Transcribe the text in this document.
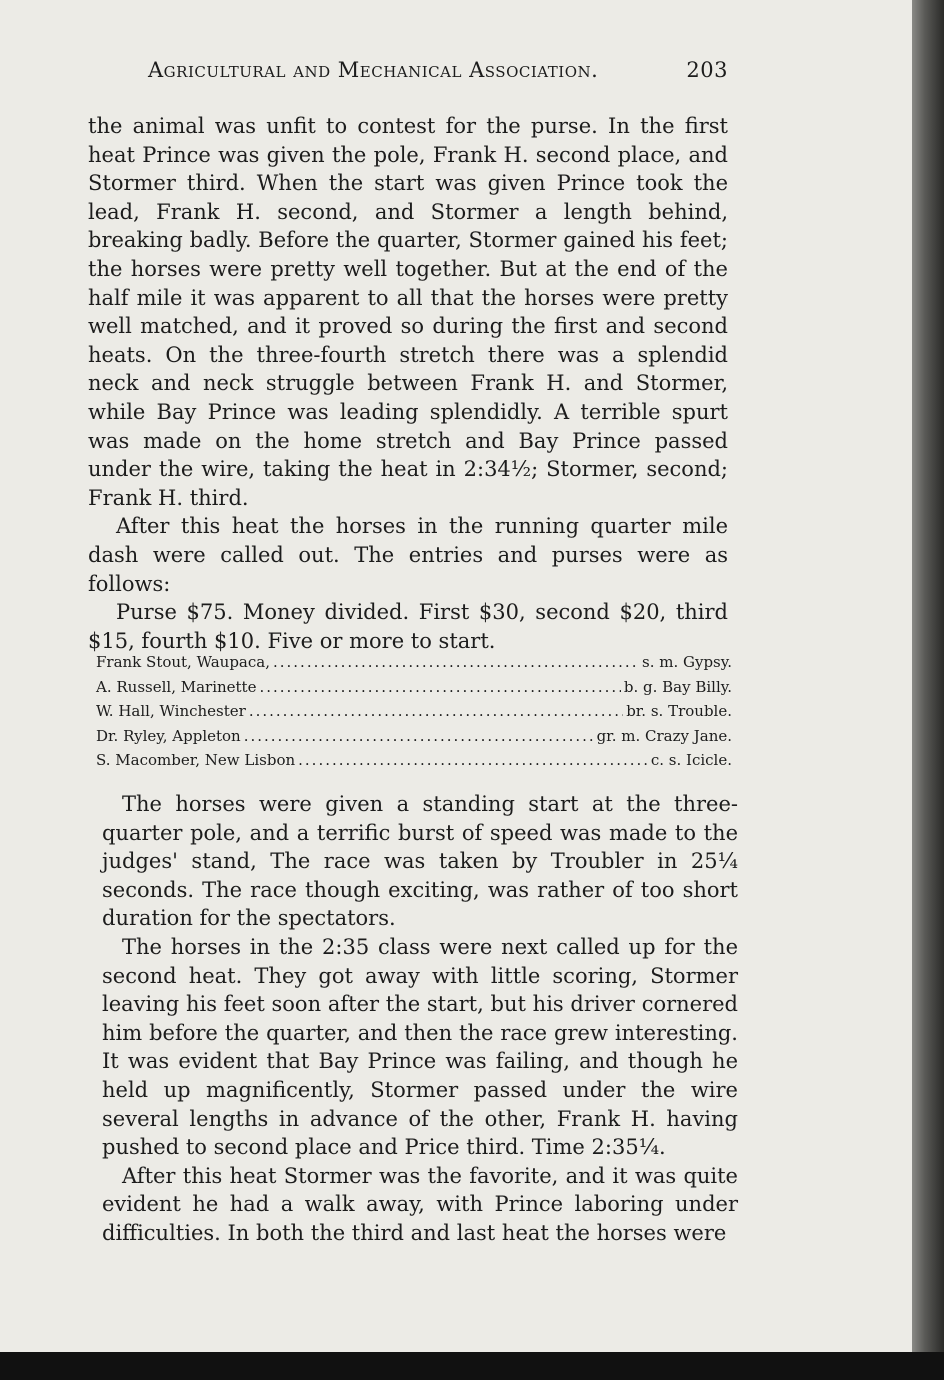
Agricultural and Mechanical Association.	203

the animal was unfit to contest for the purse. In the first heat Prince was given the pole, Frank H. second place, and Stormer third. When the start was given Prince took the lead, Frank H. second, and Stormer a length behind, breaking badly. Before the quarter, Stormer gained his feet; the horses were pretty well together. But at the end of the half mile it was apparent to all that the horses were pretty well matched, and it proved so during the first and second heats. On the three-fourth stretch there was a splendid neck and neck struggle between Frank H. and Stormer, while Bay Prince was leading splendidly. A terrible spurt was made on the home stretch and Bay Prince passed under the wire, taking the heat in 2:34½; Stormer, second; Frank H. third.

After this heat the horses in the running quarter mile dash were called out. The entries and purses were as follows:

Purse $75. Money divided. First $30, second $20, third $15, fourth $10. Five or more to start.

Frank Stout, Waupaca, .....	s. m. Gypsy.
A. Russell, Marinette .....	b. g. Bay Billy.
W. Hall, Winchester .....	br. s. Trouble.
Dr. Ryley, Appleton .....	gr. m. Crazy Jane.
S. Macomber, New Lisbon .....	c. s. Icicle.

The horses were given a standing start at the three-quarter pole, and a terrific burst of speed was made to the judges' stand, The race was taken by Troubler in 25¼ seconds. The race though exciting, was rather of too short duration for the spectators.

The horses in the 2:35 class were next called up for the second heat. They got away with little scoring, Stormer leaving his feet soon after the start, but his driver cornered him before the quarter, and then the race grew interesting. It was evident that Bay Prince was failing, and though he held up magnificently, Stormer passed under the wire several lengths in advance of the other, Frank H. having pushed to second place and Price third. Time 2:35¼.

After this heat Stormer was the favorite, and it was quite evident he had a walk away, with Prince laboring under difficulties. In both the third and last heat the horses were
